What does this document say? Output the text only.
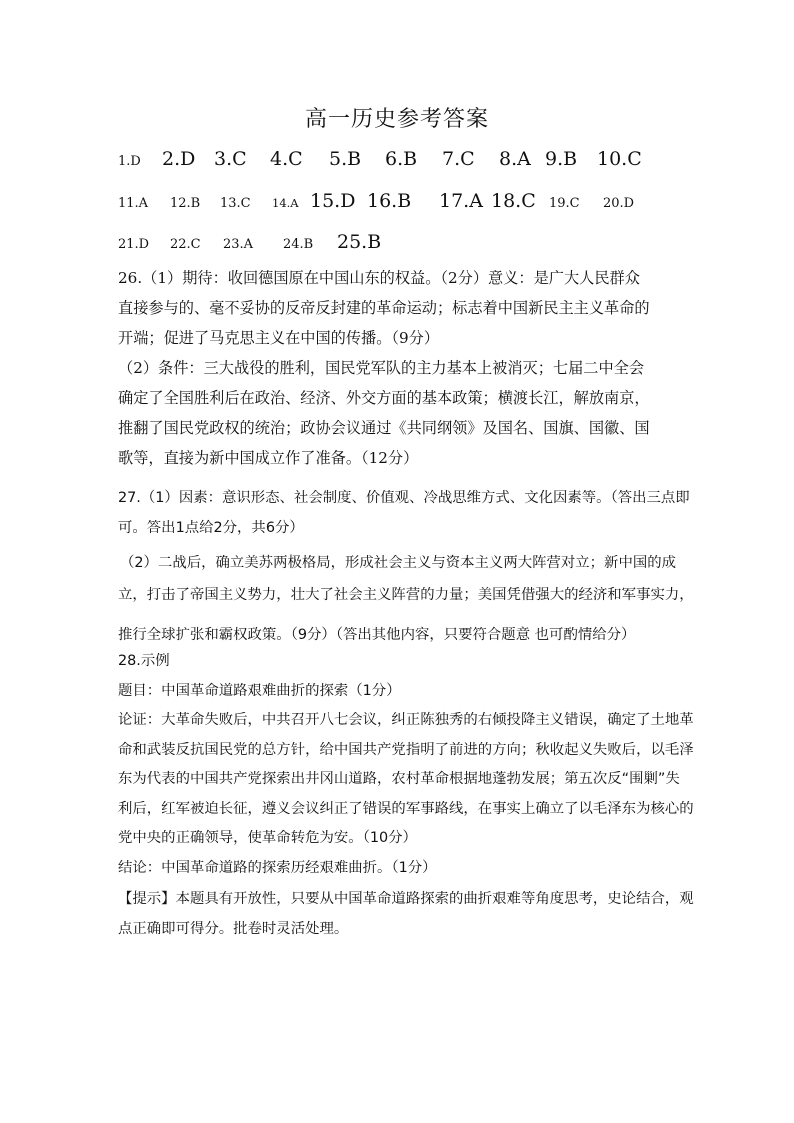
高一历史参考答案
1.D 2.D 3.C 4.C 5.B 6.B 7.C 8.A 9.B 10.C
11.A 12.B 13.C 14.A 15.D 16.B 17.A 18.C 19.C 20.D
21.D 22.C 23.A 24.B 25.B
26.（1）期待：收回德国原在中国山东的权益。（2分）意义：是广大人民群众
直接参与的、毫不妥协的反帝反封建的革命运动；标志着中国新民主主义革命的
开端；促进了马克思主义在中国的传播。（9分）
（2）条件：三大战役的胜利，国民党军队的主力基本上被消灭；七届二中全会
确定了全国胜利后在政治、经济、外交方面的基本政策；横渡长江，解放南京，
推翻了国民党政权的统治；政协会议通过《共同纲领》及国名、国旗、国徽、国
歌等，直接为新中国成立作了准备。（12分）
27.（1）因素：意识形态、社会制度、价值观、冷战思维方式、文化因素等。（答出三点即
可。答出1点给2分，共6分）
（2）二战后，确立美苏两极格局，形成社会主义与资本主义两大阵营对立；新中国的成
立，打击了帝国主义势力，壮大了社会主义阵营的力量；美国凭借强大的经济和军事实力，
推行全球扩张和霸权政策。（9分）（答出其他内容，只要符合题意 也可酌情给分）
28.示例
题目：中国革命道路艰难曲折的探索（1分）
论证：大革命失败后，中共召开八七会议，纠正陈独秀的右倾投降主义错误，确定了土地革
命和武装反抗国民党的总方针，给中国共产党指明了前进的方向；秋收起义失败后，以毛泽
东为代表的中国共产党探索出井冈山道路，农村革命根据地蓬勃发展；第五次反“围剿”失
利后，红军被迫长征，遵义会议纠正了错误的军事路线，在事实上确立了以毛泽东为核心的
党中央的正确领导，使革命转危为安。（10分）
结论：中国革命道路的探索历经艰难曲折。（1分）
【提示】本题具有开放性，只要从中国革命道路探索的曲折艰难等角度思考，史论结合，观
点正确即可得分。批卷时灵活处理。
